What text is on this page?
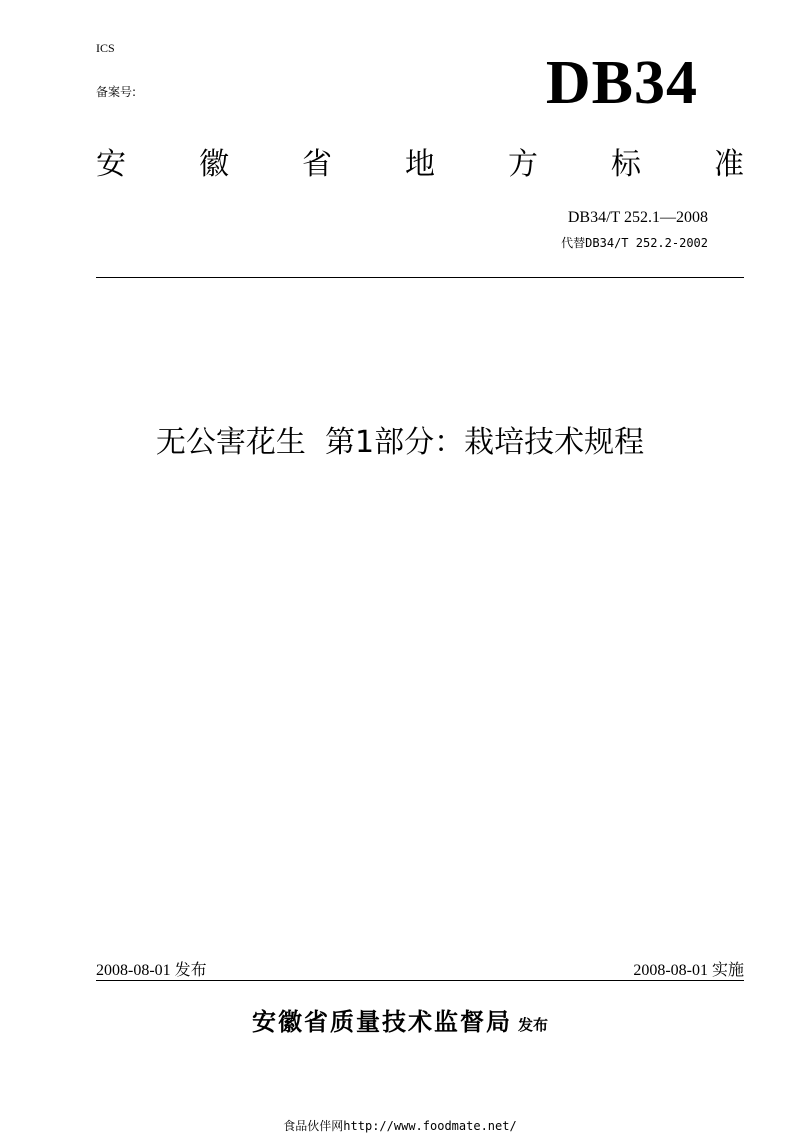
ICS
备案号:	DB34
安 徽 省 地 方 标 准
DB34/T 252.1—2008
代替DB34/T 252.2-2002
无公害花生  第1部分：栽培技术规程
2008-08-01 发布	2008-08-01 实施
安徽省质量技术监督局 发布
食品伙伴网http://www.foodmate.net/
